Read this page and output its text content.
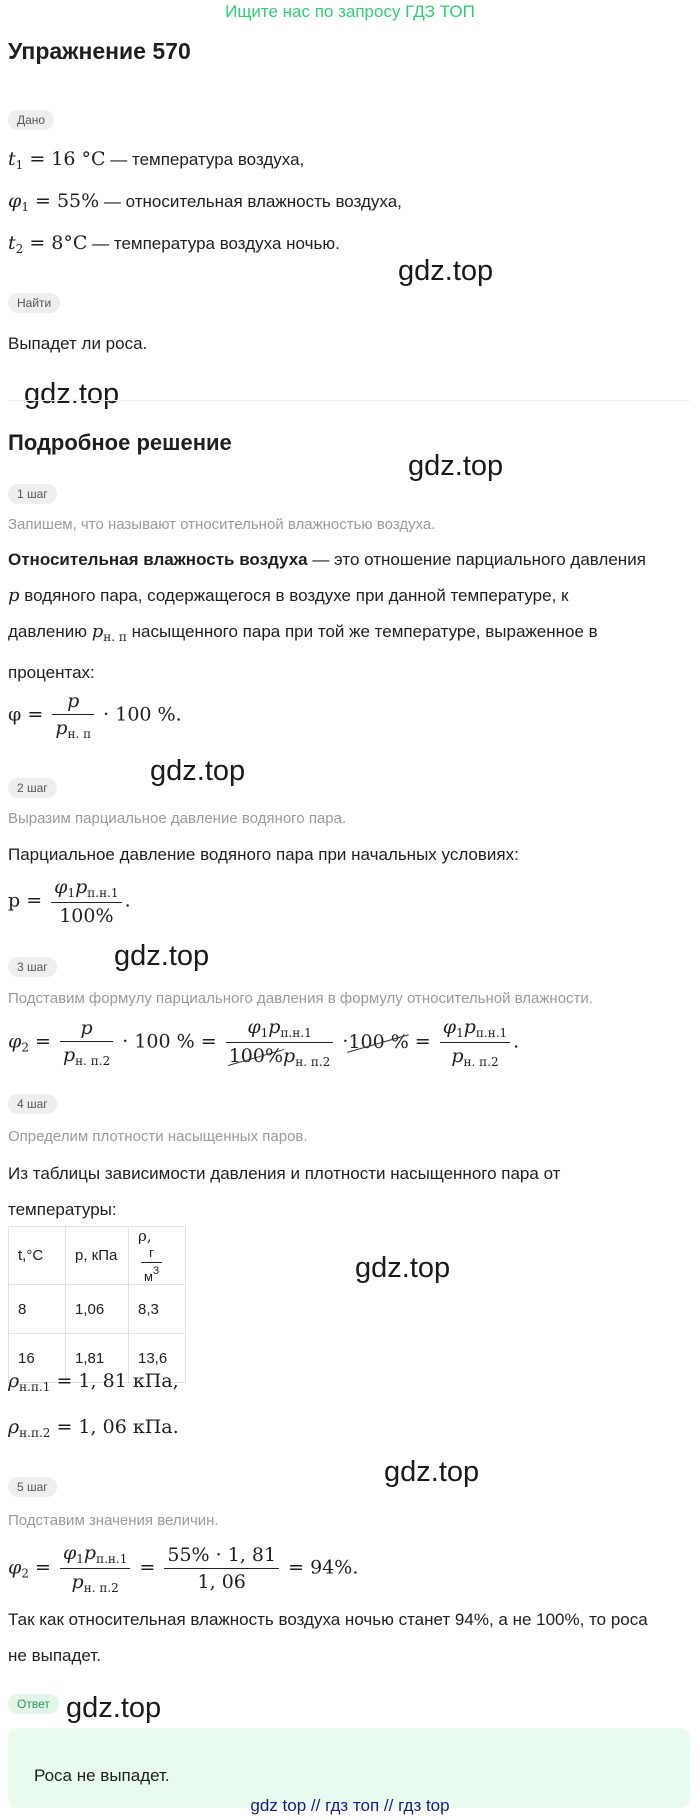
Ищите нас по запросу ГДЗ ТОП
Упражнение 570
Дано
$t_1 = 16$ °C — температура воздуха,
$\varphi_1 = 55\%$ — относительная влажность воздуха,
$t_2 = 8^\circ C$ — температура воздуха ночью.
gdz.top
Найти
Выпадет ли роса.
gdz.top
Подробное решение
gdz.top
1 шаг
Запишем, что называют относительной влажностью воздуха.
Относительная влажность воздуха — это отношение парциального давления
p водяного пара, содержащегося в воздухе при данной температуре, к
давлению $p_{н. п}$ насыщенного пара при той же температуре, выраженное в
процентах:
$\varphi = \frac{p}{p_{н. п}} \cdot 100$ %.
gdz.top
2 шаг
Выразим парциальное давление водяного пара.
Парциальное давление водяного пара при начальных условиях:
$p = \frac{\varphi_1p_{п.н.1}}{100\%}$ .
gdz.top
3 шаг
Подставим формулу парциального давления в формулу относительной влажности.
$\varphi_2 = \frac{p}{p_{н. п.2}} \cdot 100$ % = $\frac{\varphi_1p_{п.н.1}}{100\%p_{н. п.2}} \cdot 100$ % = $\frac{\varphi_1p_{п.н.1}}{p_{н. п.2}}$ .
4 шаг
Определим плотности насыщенных паров.
Из таблицы зависимости давления и плотности насыщенного пара от
температуры:
t,°C	p, кПа	ρ,
$\frac{г}{м^3}$

8	1,06	8,3
16	1,81	13,6
gdz.top
$\rho_{н.п.1} = 1$, 81 кПа,
$\rho_{н.п.2} = 1$, 06 кПа.
gdz.top
5 шаг
Подставим значения величин.
$\varphi_2 = \frac{\varphi_1p_{п.н.1}}{p_{н. п.2}} = \frac{55\% \cdot 1, 81}{1, 06} = 94\%$.
Так как относительная влажность воздуха ночью станет 94%, а не 100%, то роса
не выпадет.
Ответ gdz.top
Роса не выпадет.
gdz top // гдз топ // гдз top
